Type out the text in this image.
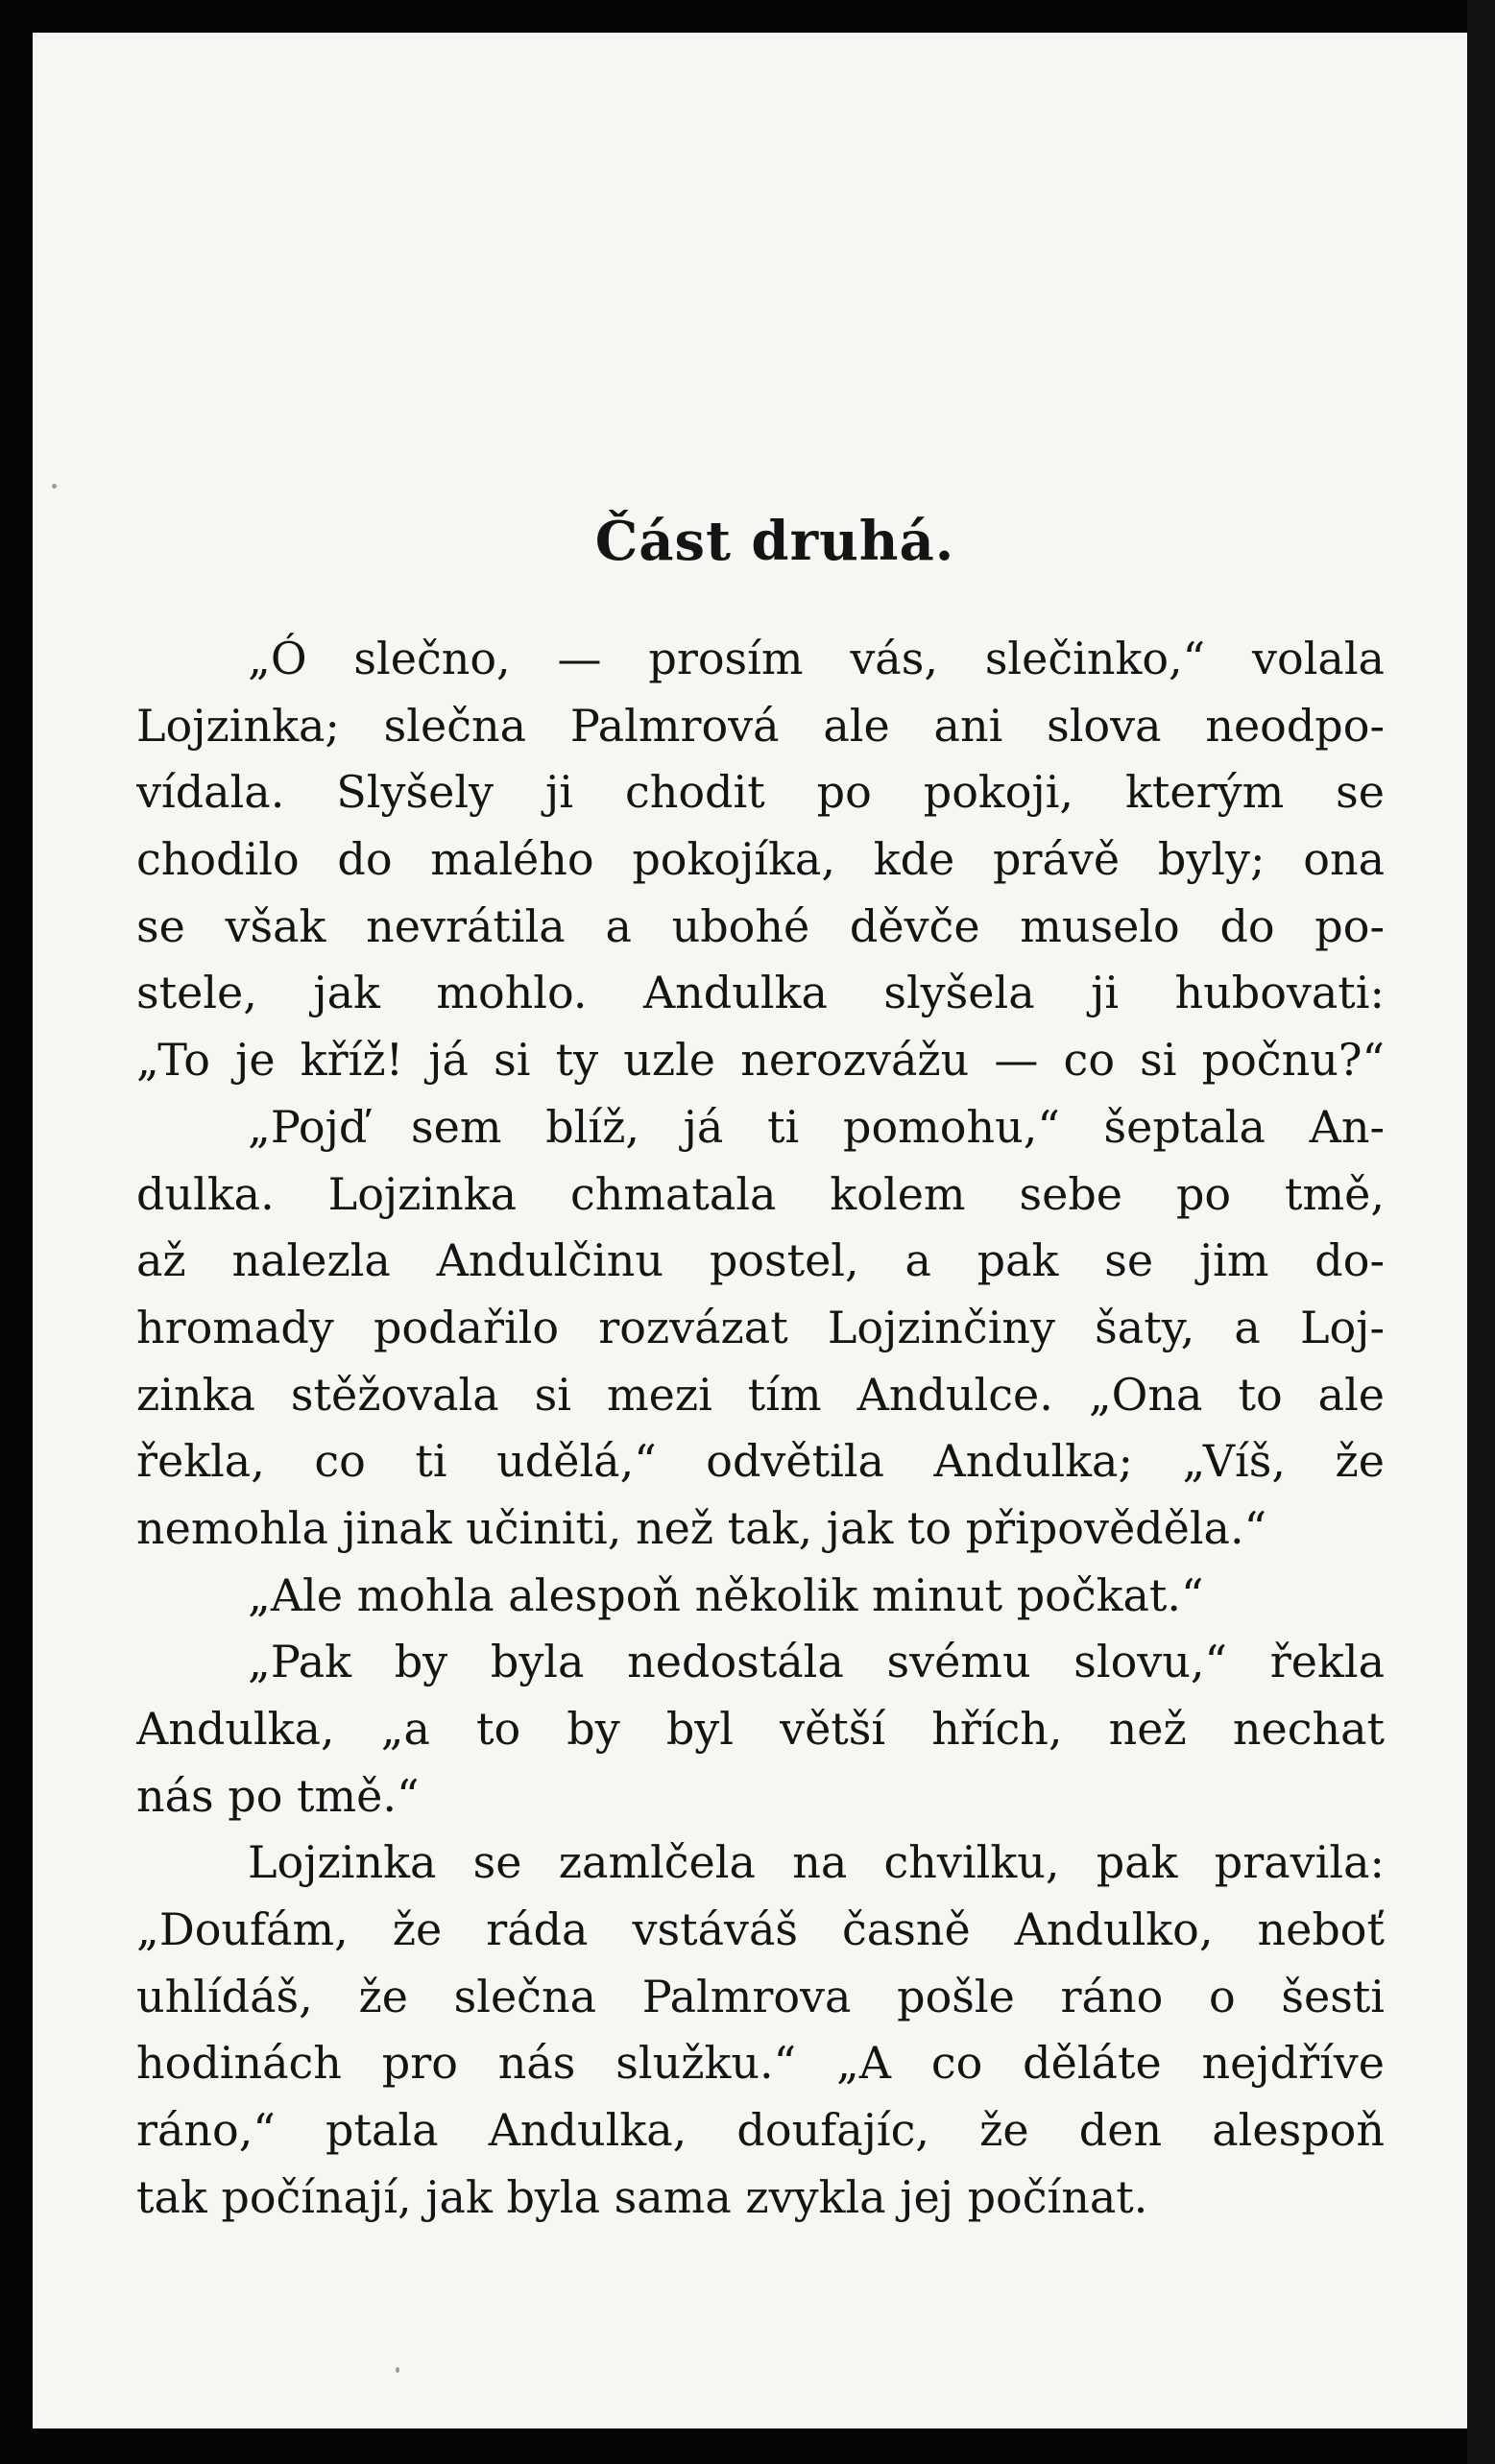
Část druhá.
„Ó slečno, — prosím vás, slečinko,“ volala
Lojzinka; slečna Palmrová ale ani slova neodpo-
vídala. Slyšely ji chodit po pokoji, kterým se
chodilo do malého pokojíka, kde právě byly; ona
se však nevrátila a ubohé děvče muselo do po-
stele, jak mohlo. Andulka slyšela ji hubovati:
„To je kříž! já si ty uzle nerozvážu — co si počnu?“
„Pojď sem blíž, já ti pomohu,“ šeptala An-
dulka. Lojzinka chmatala kolem sebe po tmě,
až nalezla Andulčinu postel, a pak se jim do-
hromady podařilo rozvázat Lojzinčiny šaty, a Loj-
zinka stěžovala si mezi tím Andulce. „Ona to ale
řekla, co ti udělá,“ odvětila Andulka; „Víš, že
nemohla jinak učiniti, než tak, jak to připověděla.“
„Ale mohla alespoň několik minut počkat.“
„Pak by byla nedostála svému slovu,“ řekla
Andulka, „a to by byl větší hřích, než nechat
nás po tmě.“
Lojzinka se zamlčela na chvilku, pak pravila:
„Doufám, že ráda vstáváš časně Andulko, neboť
uhlídáš, že slečna Palmrova pošle ráno o šesti
hodinách pro nás služku.“ „A co děláte nejdříve
ráno,“ ptala Andulka, doufajíc, že den alespoň
tak počínají, jak byla sama zvykla jej počínat.
